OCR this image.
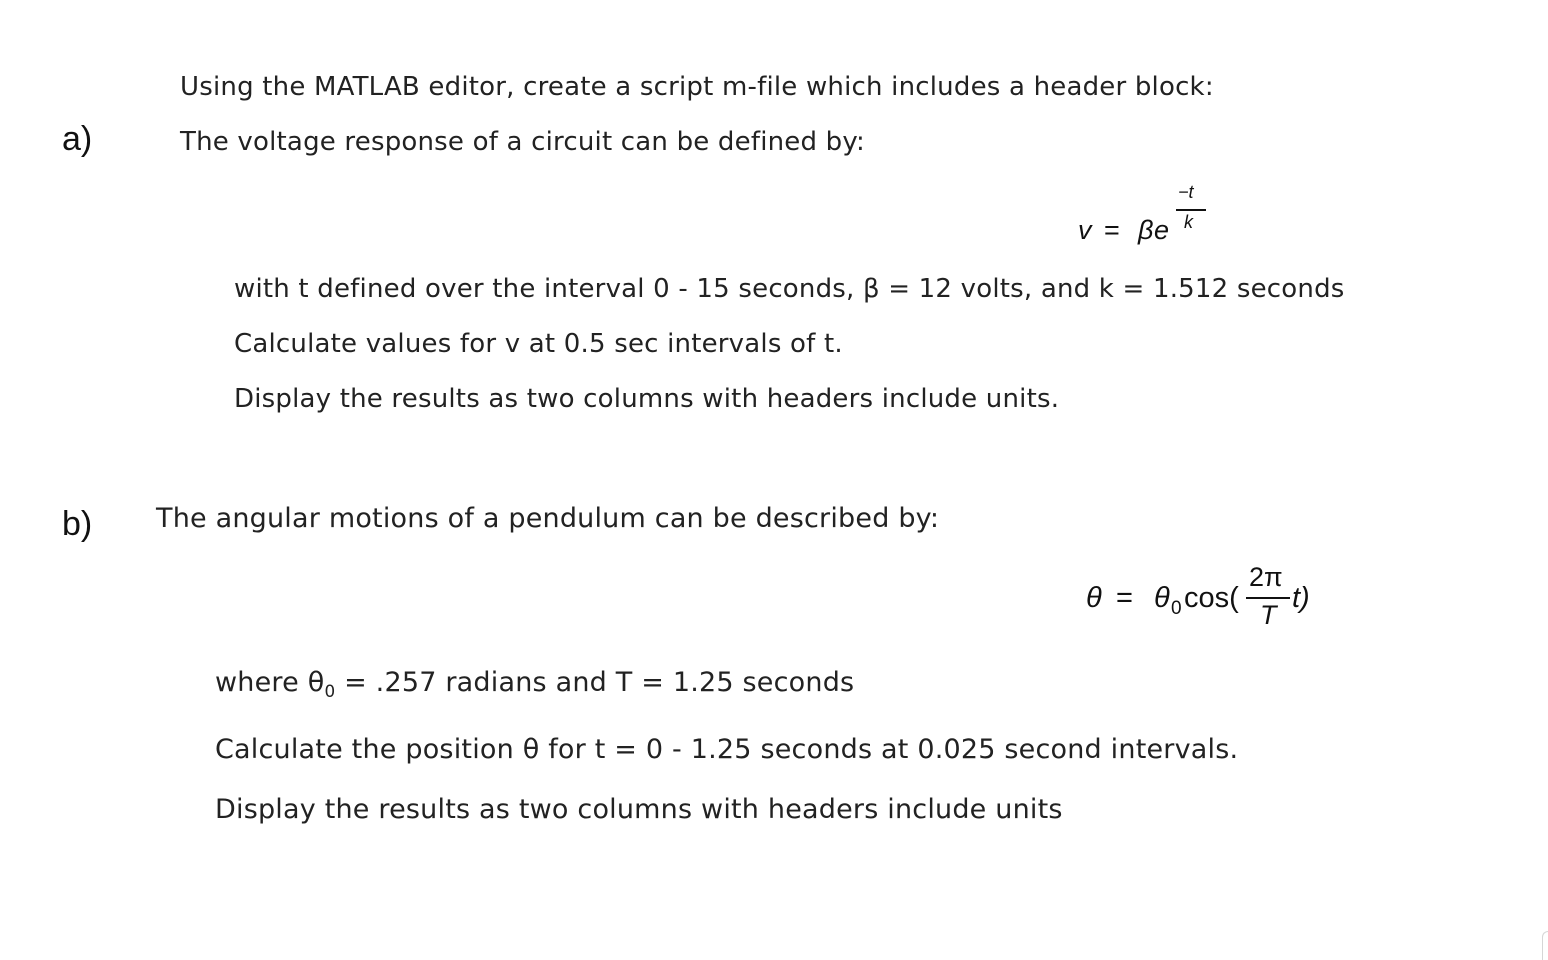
Using the MATLAB editor, create a script m-file which includes a header block:
a)	The voltage response of a circuit can be defined by:
v = β e
−t
k
with t defined over the interval 0 - 15 seconds, β = 12 volts, and k = 1.512 seconds
Calculate values for v at 0.5 sec intervals of t.
Display the results as two columns with headers include units.
b) The angular motions of a pendulum can be described by:
θ = θ 0 cos(
2π
T
t)
where $\theta_0 = .257$ radians and T = 1.25 seconds
Calculate the position θ for t = 0 - 1.25 seconds at 0.025 second intervals.
Display the results as two columns with headers include units
